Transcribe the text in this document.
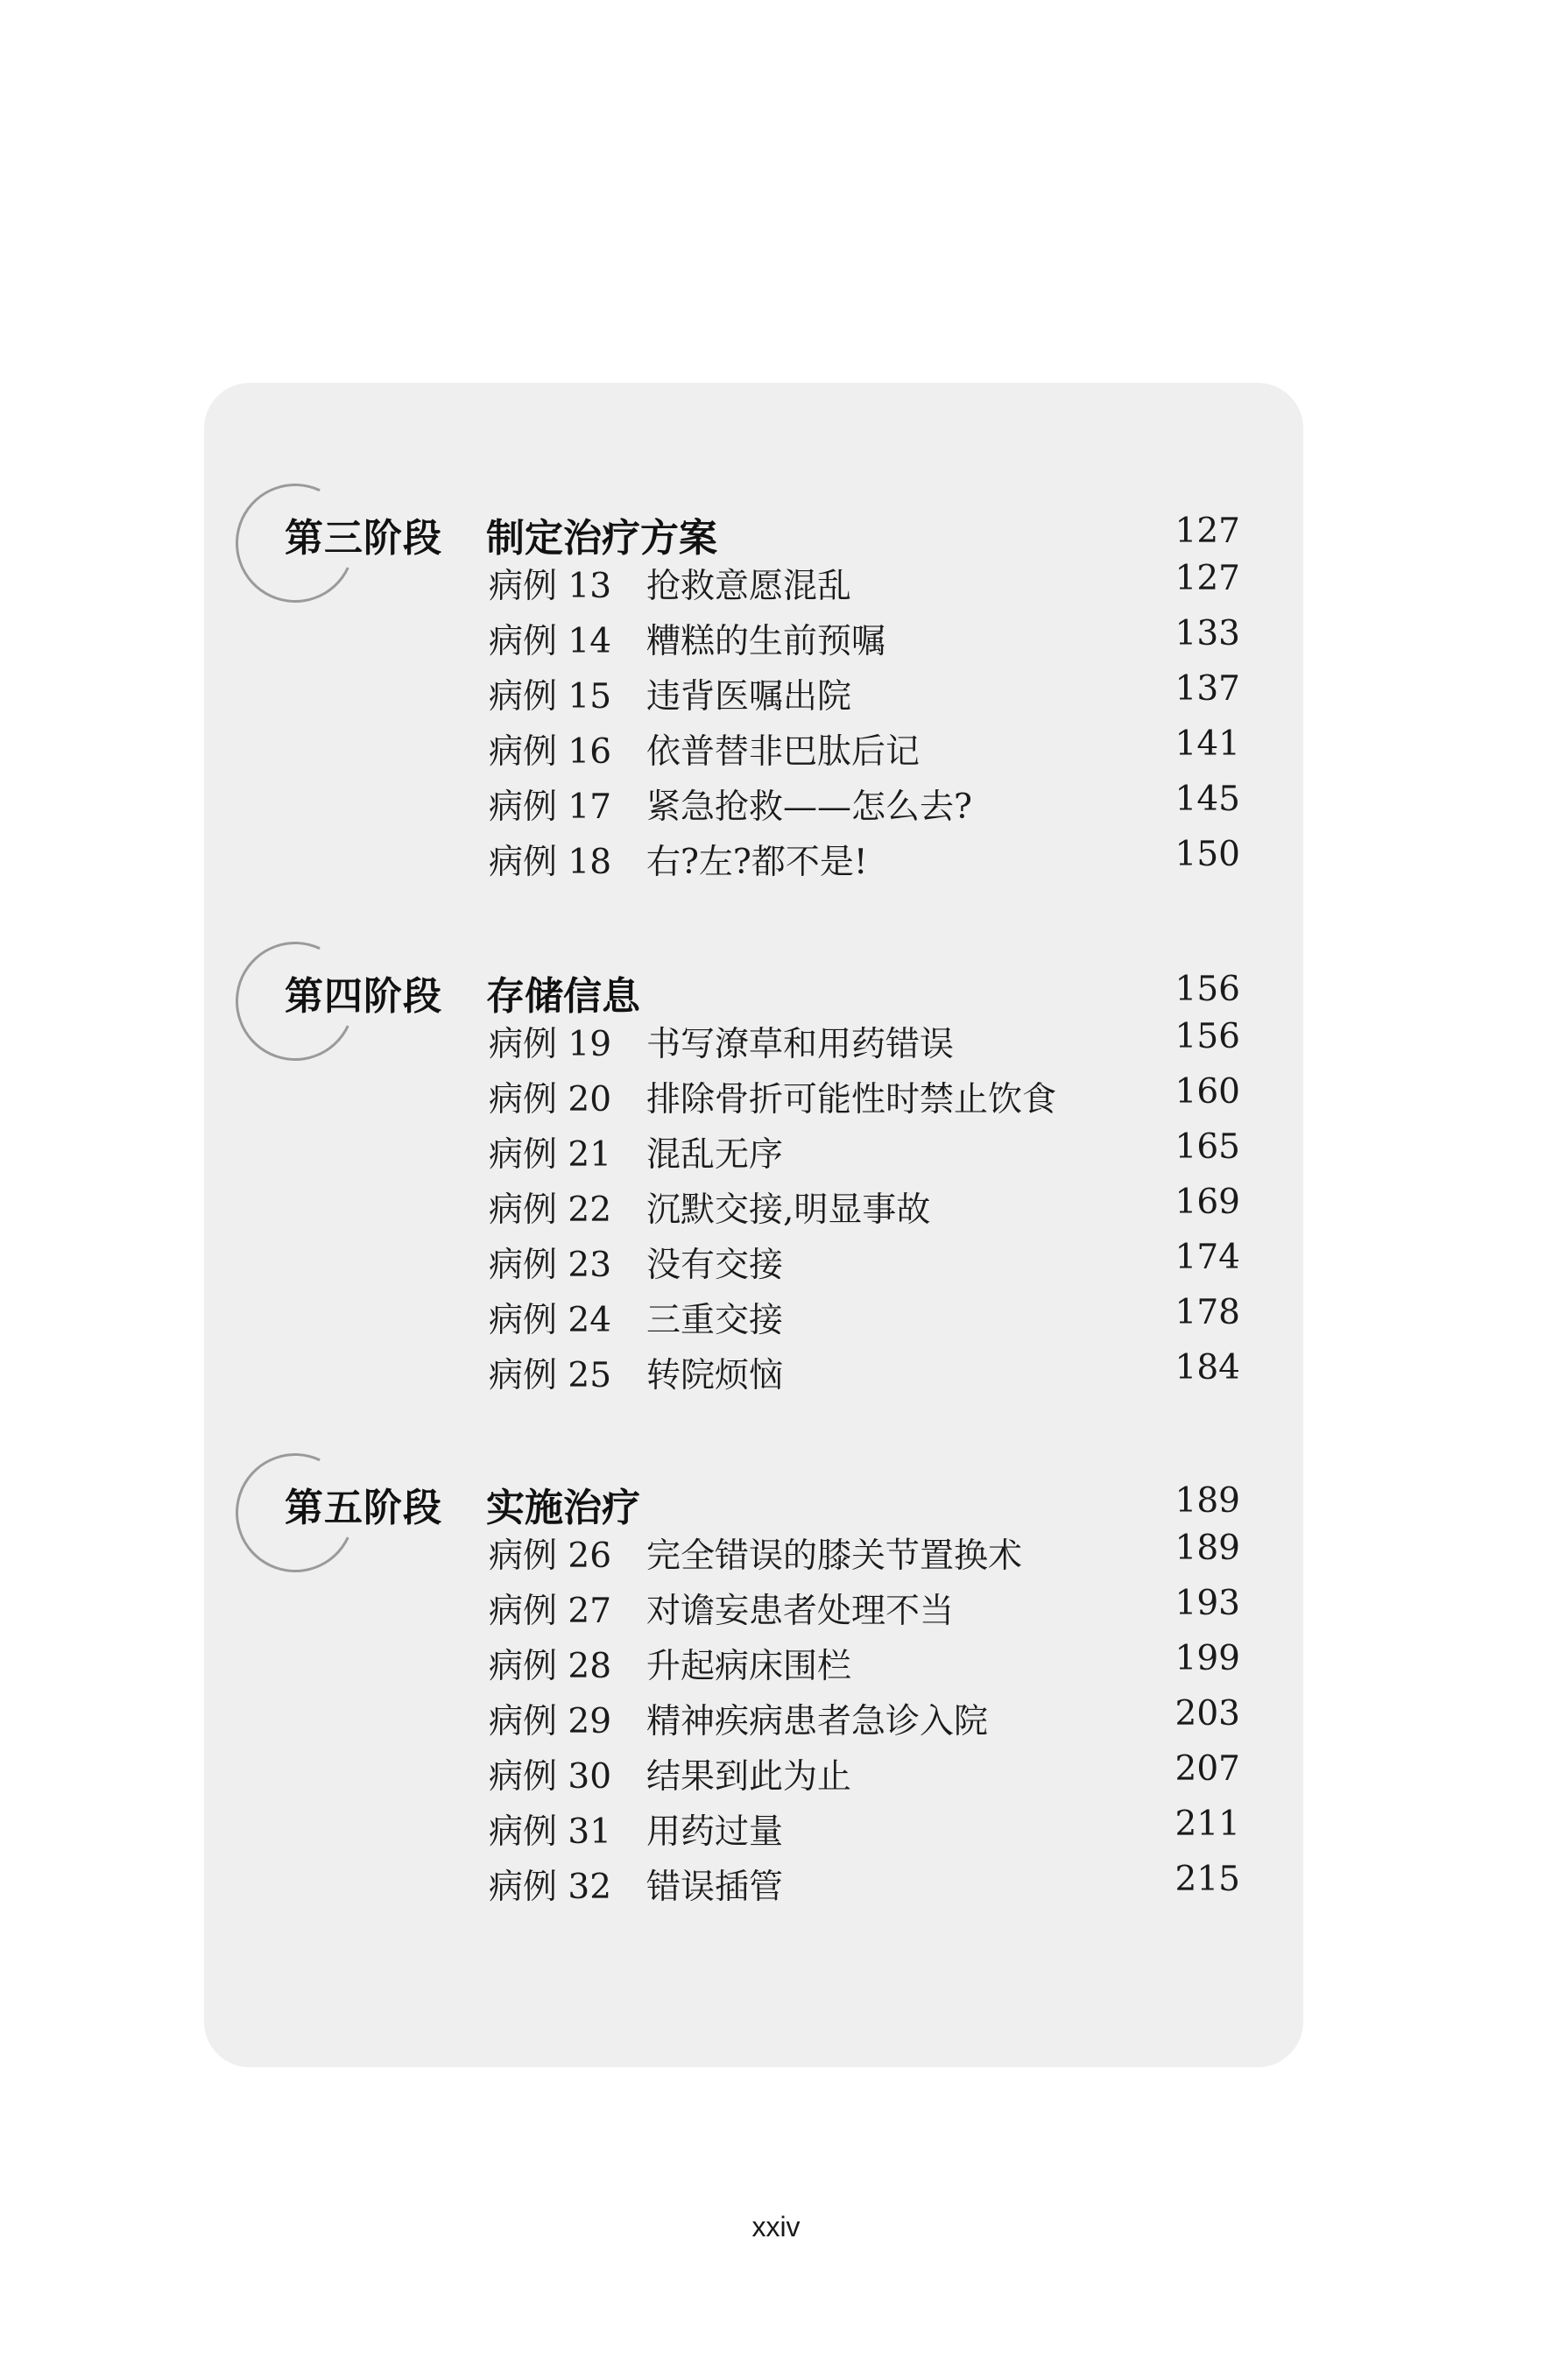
第三阶段 制定治疗方案	127
病例 13 抢救意愿混乱	127
病例 14 糟糕的生前预嘱	133
病例 15 违背医嘱出院	137
病例 16 依普替非巴肽后记	141
病例 17 紧急抢救——怎么去?	145
病例 18 右?左?都不是!	150
第四阶段 存储信息	156
病例 19 书写潦草和用药错误	156
病例 20 排除骨折可能性时禁止饮食	160
病例 21 混乱无序	165
病例 22 沉默交接,明显事故	169
病例 23 没有交接	174
病例 24 三重交接	178
病例 25 转院烦恼	184
第五阶段 实施治疗	189
病例 26 完全错误的膝关节置换术	189
病例 27 对谵妄患者处理不当	193
病例 28 升起病床围栏	199
病例 29 精神疾病患者急诊入院	203
病例 30 结果到此为止	207
病例 31 用药过量	211
病例 32 错误插管	215
xxiv
